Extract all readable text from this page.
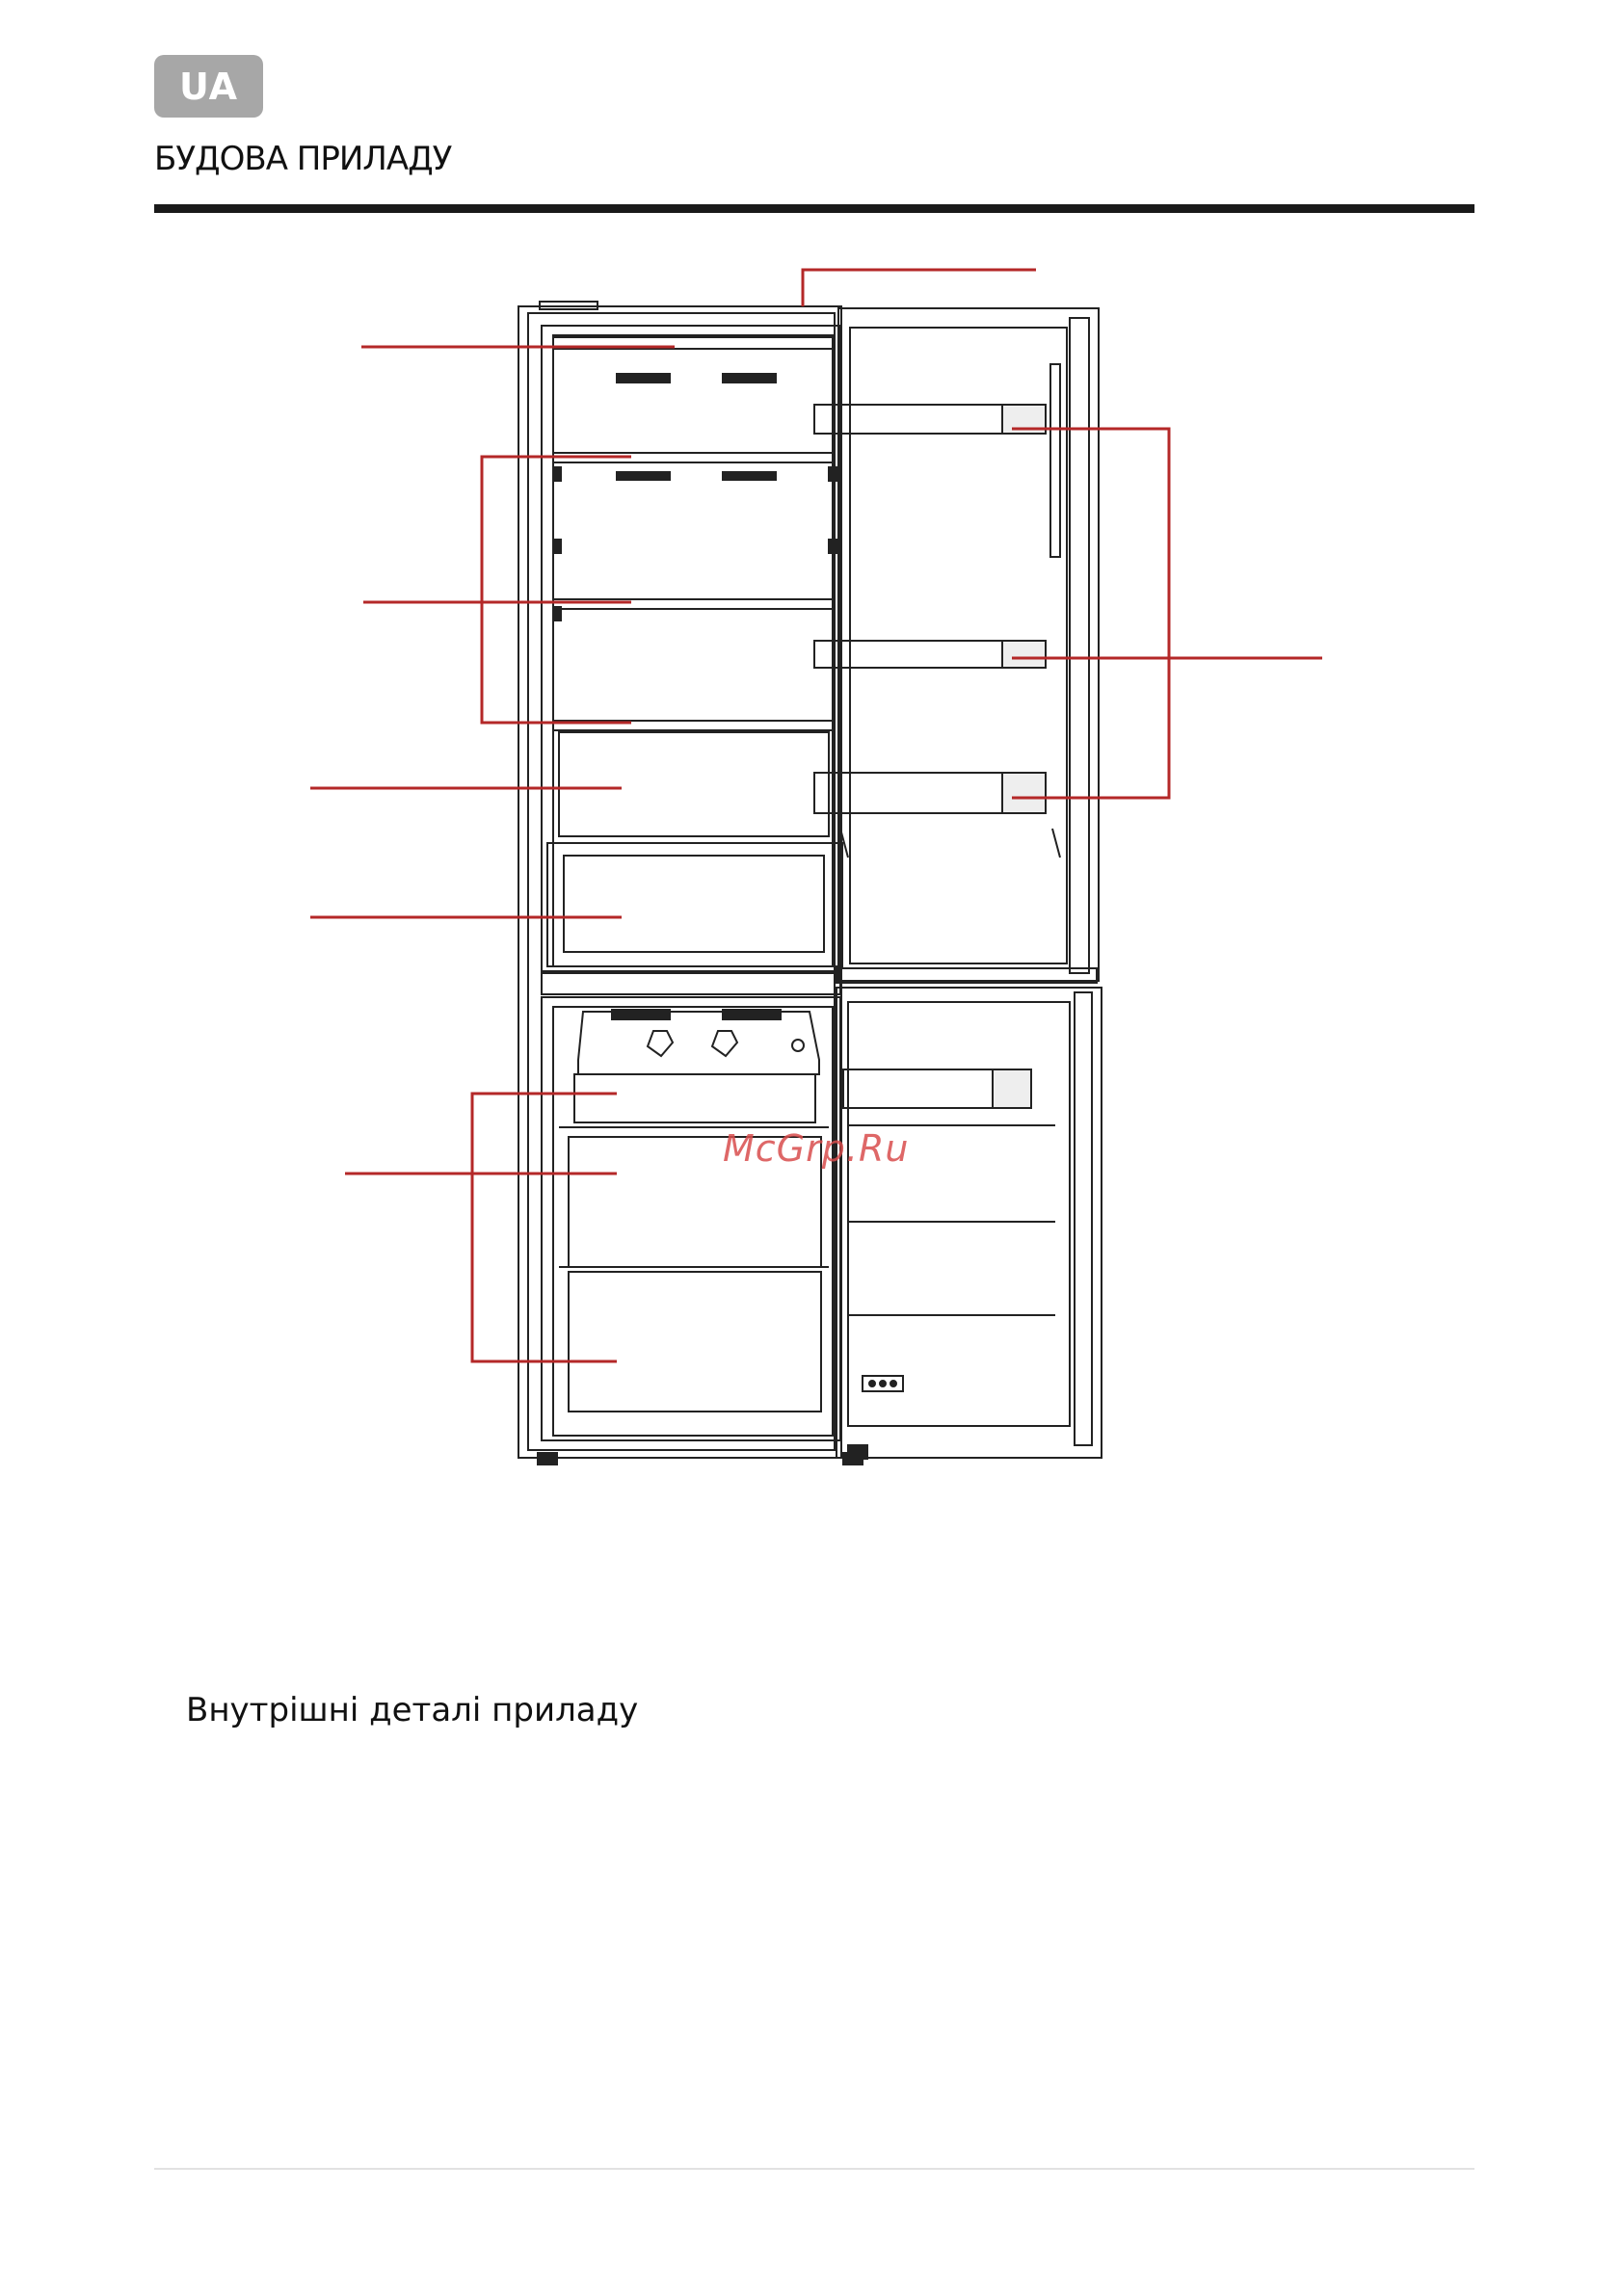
UA
БУДОВА ПРИЛАДУ
McGrp.Ru
Внутрішні деталі приладу
